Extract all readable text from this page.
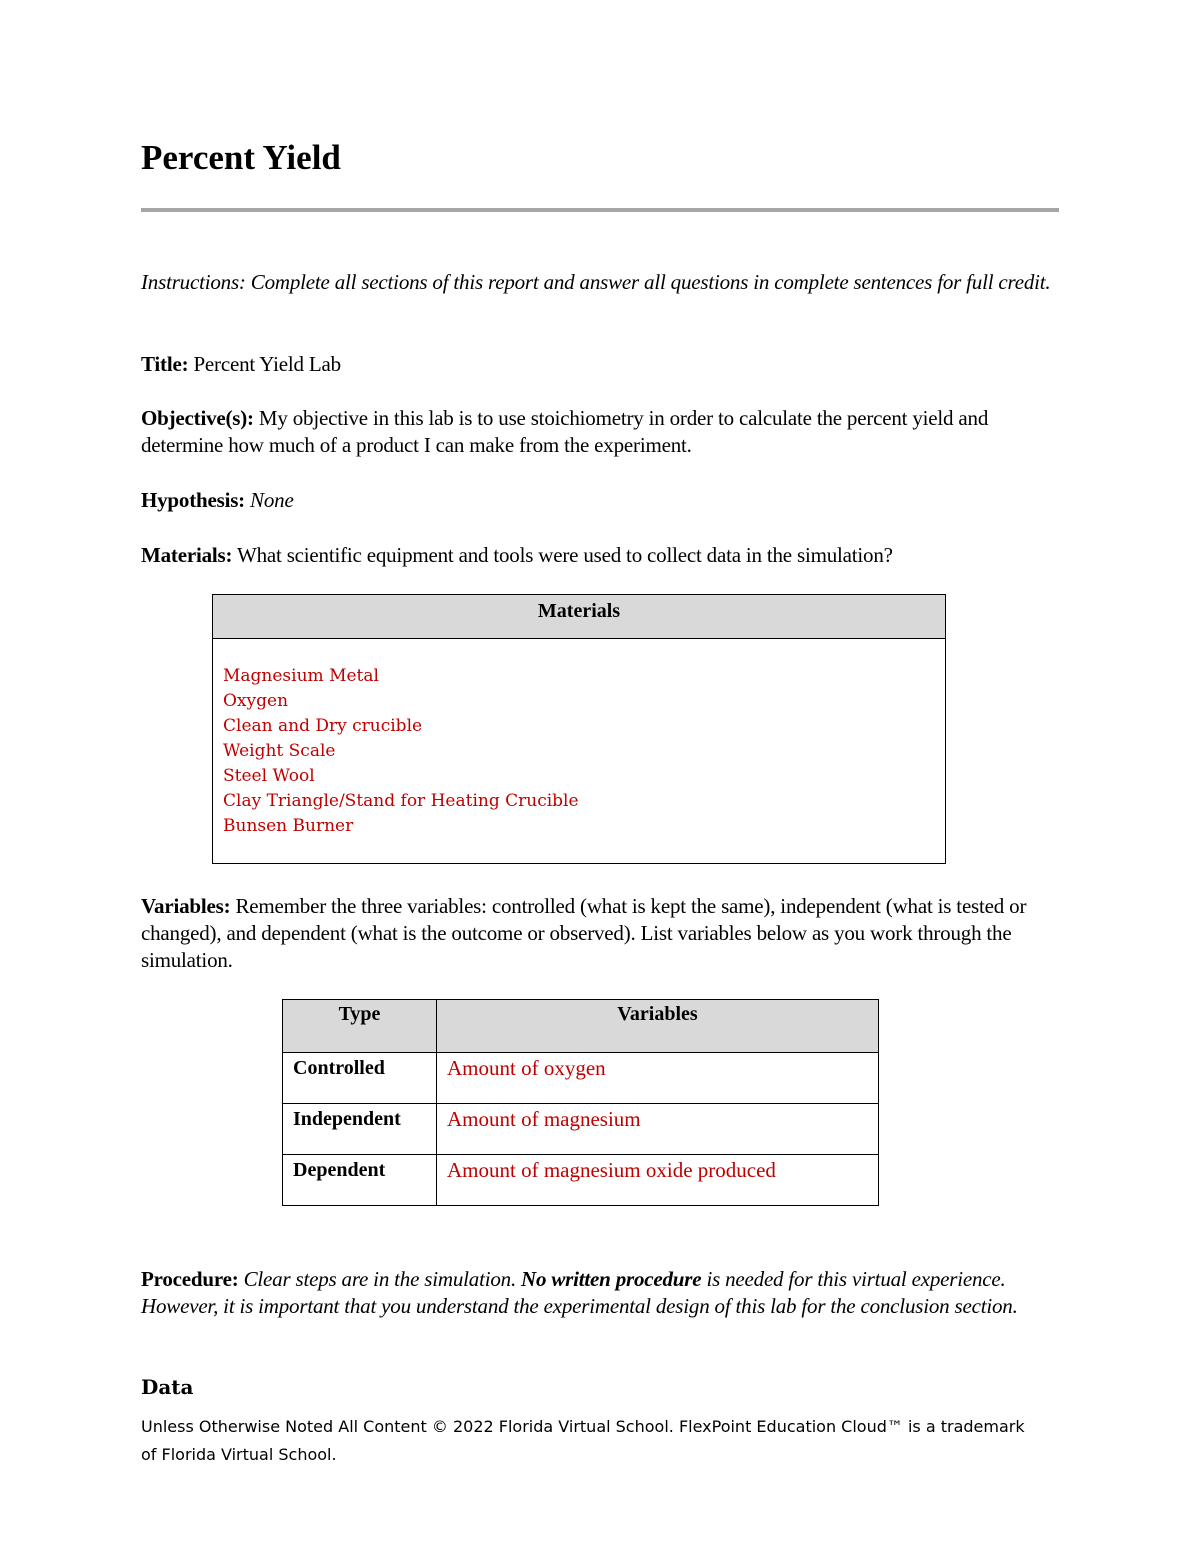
Percent Yield
Instructions: Complete all sections of this report and answer all questions in complete sentences for full credit.
Title: Percent Yield Lab
Objective(s): My objective in this lab is to use stoichiometry in order to calculate the percent yield and determine how much of a product I can make from the experiment.
Hypothesis: None
Materials: What scientific equipment and tools were used to collect data in the simulation?
Materials
Magnesium Metal
Oxygen
Clean and Dry crucible
Weight Scale
Steel Wool
Clay Triangle/Stand for Heating Crucible
Bunsen Burner
Variables: Remember the three variables: controlled (what is kept the same), independent (what is tested or changed), and dependent (what is the outcome or observed). List variables below as you work through the simulation.
Type	Variables
Controlled	Amount of oxygen
Independent	Amount of magnesium
Dependent	Amount of magnesium oxide produced
Procedure: Clear steps are in the simulation. No written procedure is needed for this virtual experience. However, it is important that you understand the experimental design of this lab for the conclusion section.
Data
Unless Otherwise Noted All Content © 2022 Florida Virtual School. FlexPoint Education Cloud™ is a trademark of Florida Virtual School.
